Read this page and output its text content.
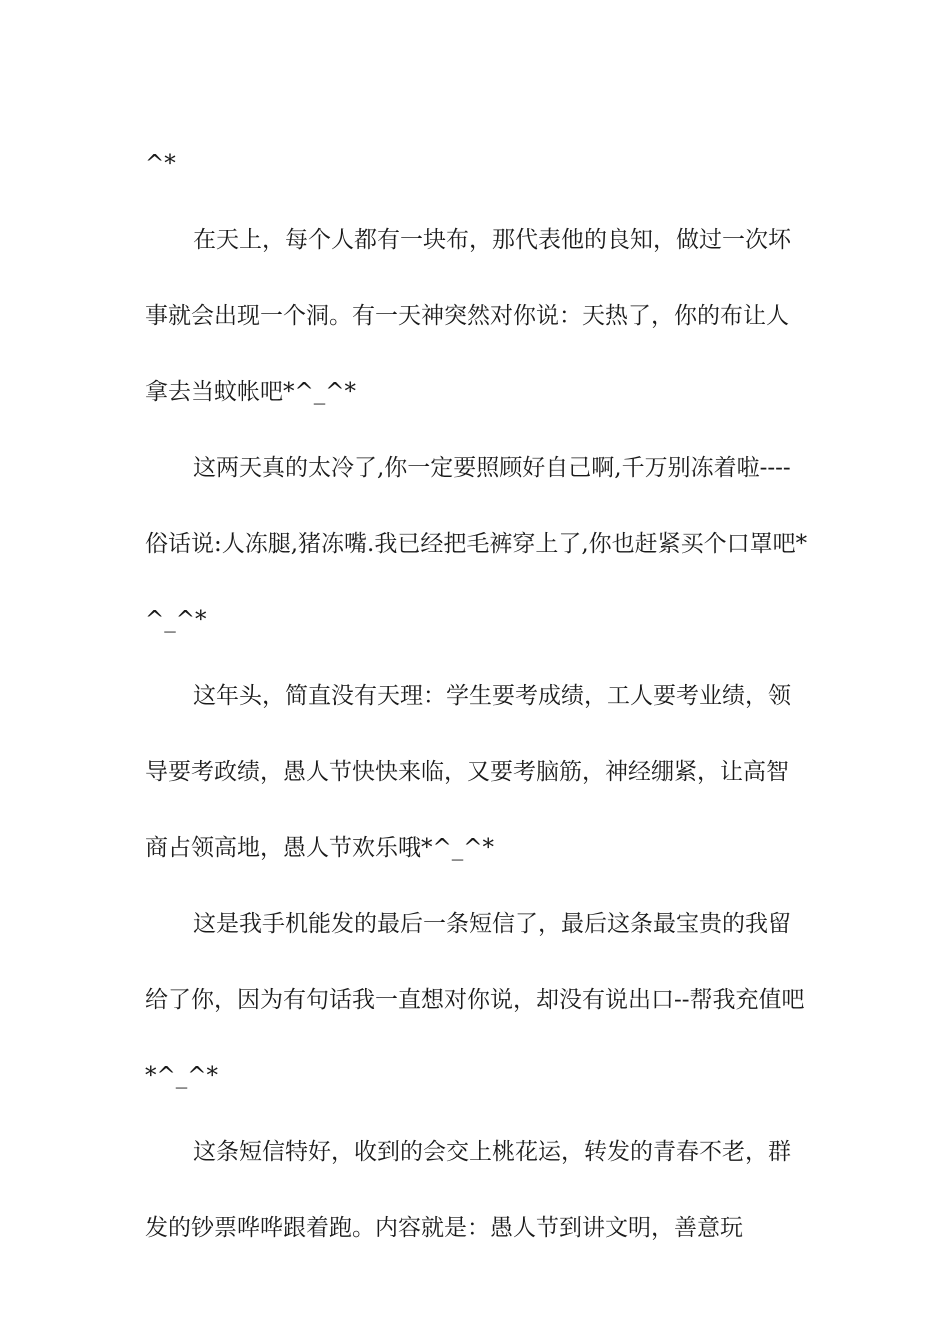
^*

在天上，每个人都有一块布，那代表他的良知，做过一次坏事就会出现一个洞。有一天神突然对你说：天热了，你的布让人拿去当蚊帐吧*^_^*

这两天真的太冷了,你一定要照顾好自己啊,千万别冻着啦----俗话说:人冻腿,猪冻嘴.我已经把毛裤穿上了,你也赶紧买个口罩吧*^_^*

这年头，简直没有天理：学生要考成绩，工人要考业绩，领导要考政绩，愚人节快快来临，又要考脑筋，神经绷紧，让高智商占领高地，愚人节欢乐哦*^_^*

这是我手机能发的最后一条短信了，最后这条最宝贵的我留给了你，因为有句话我一直想对你说，却没有说出口--帮我充值吧*^_^*

这条短信特好，收到的会交上桃花运，转发的青春不老，群发的钞票哗哗跟着跑。内容就是：愚人节到讲文明，善意玩
